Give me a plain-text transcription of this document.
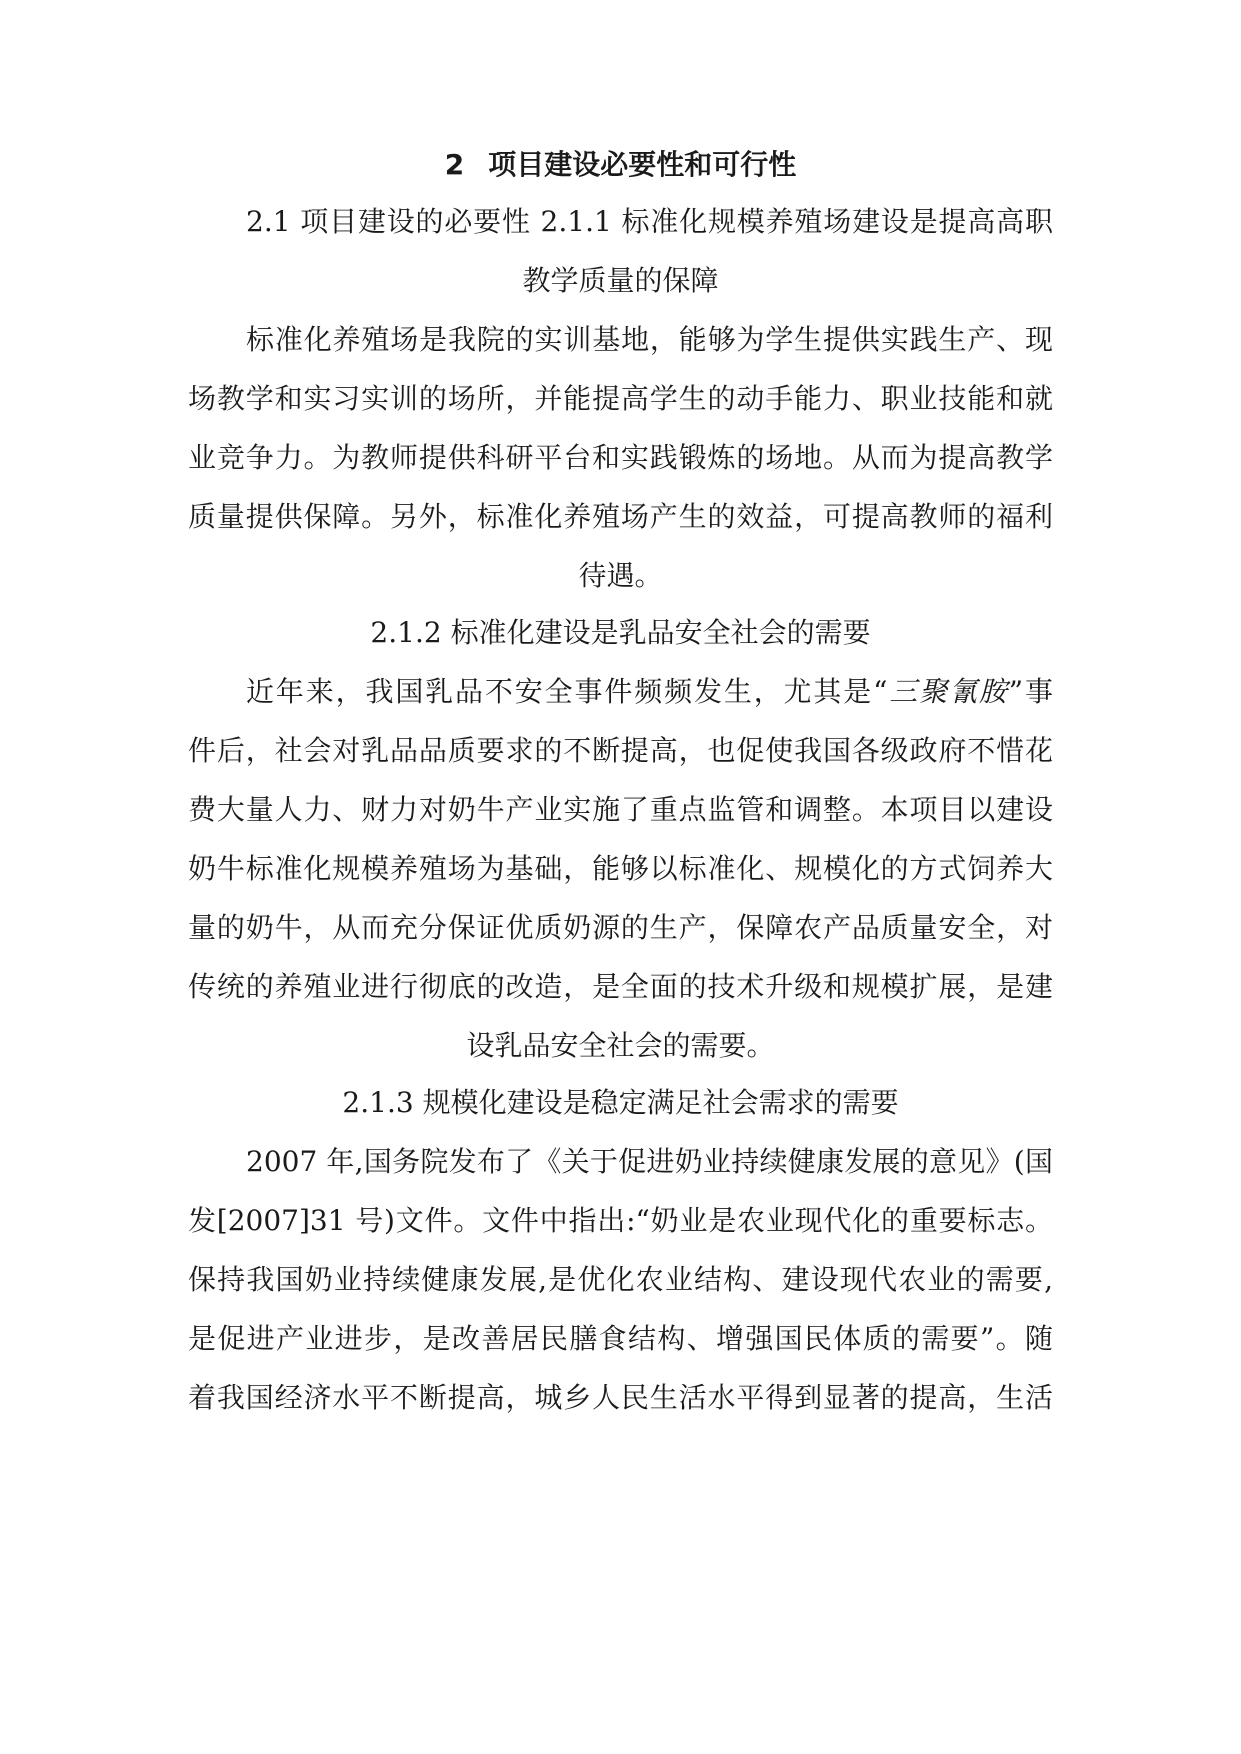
2 项目建设必要性和可行性
2.1 项目建设的必要性 2.1.1 标准化规模养殖场建设是提高高职
教学质量的保障
标准化养殖场是我院的实训基地，能够为学生提供实践生产、现
场教学和实习实训的场所，并能提高学生的动手能力、职业技能和就
业竞争力。为教师提供科研平台和实践锻炼的场地。从而为提高教学
质量提供保障。另外，标准化养殖场产生的效益，可提高教师的福利
待遇。
2.1.2 标准化建设是乳品安全社会的需要
近年来，我国乳品不安全事件频频发生，尤其是“三聚氰胺”事
件后，社会对乳品品质要求的不断提高，也促使我国各级政府不惜花
费大量人力、财力对奶牛产业实施了重点监管和调整。本项目以建设
奶牛标准化规模养殖场为基础，能够以标准化、规模化的方式饲养大
量的奶牛，从而充分保证优质奶源的生产，保障农产品质量安全，对
传统的养殖业进行彻底的改造，是全面的技术升级和规模扩展，是建
设乳品安全社会的需要。
2.1.3 规模化建设是稳定满足社会需求的需要
2007 年,国务院发布了《关于促进奶业持续健康发展的意见》(国
发[2007]31 号)文件。文件中指出:“奶业是农业现代化的重要标志。
保持我国奶业持续健康发展,是优化农业结构、建设现代农业的需要,
是促进产业进步，是改善居民膳食结构、增强国民体质的需要”。随
着我国经济水平不断提高，城乡人民生活水平得到显著的提高，生活
